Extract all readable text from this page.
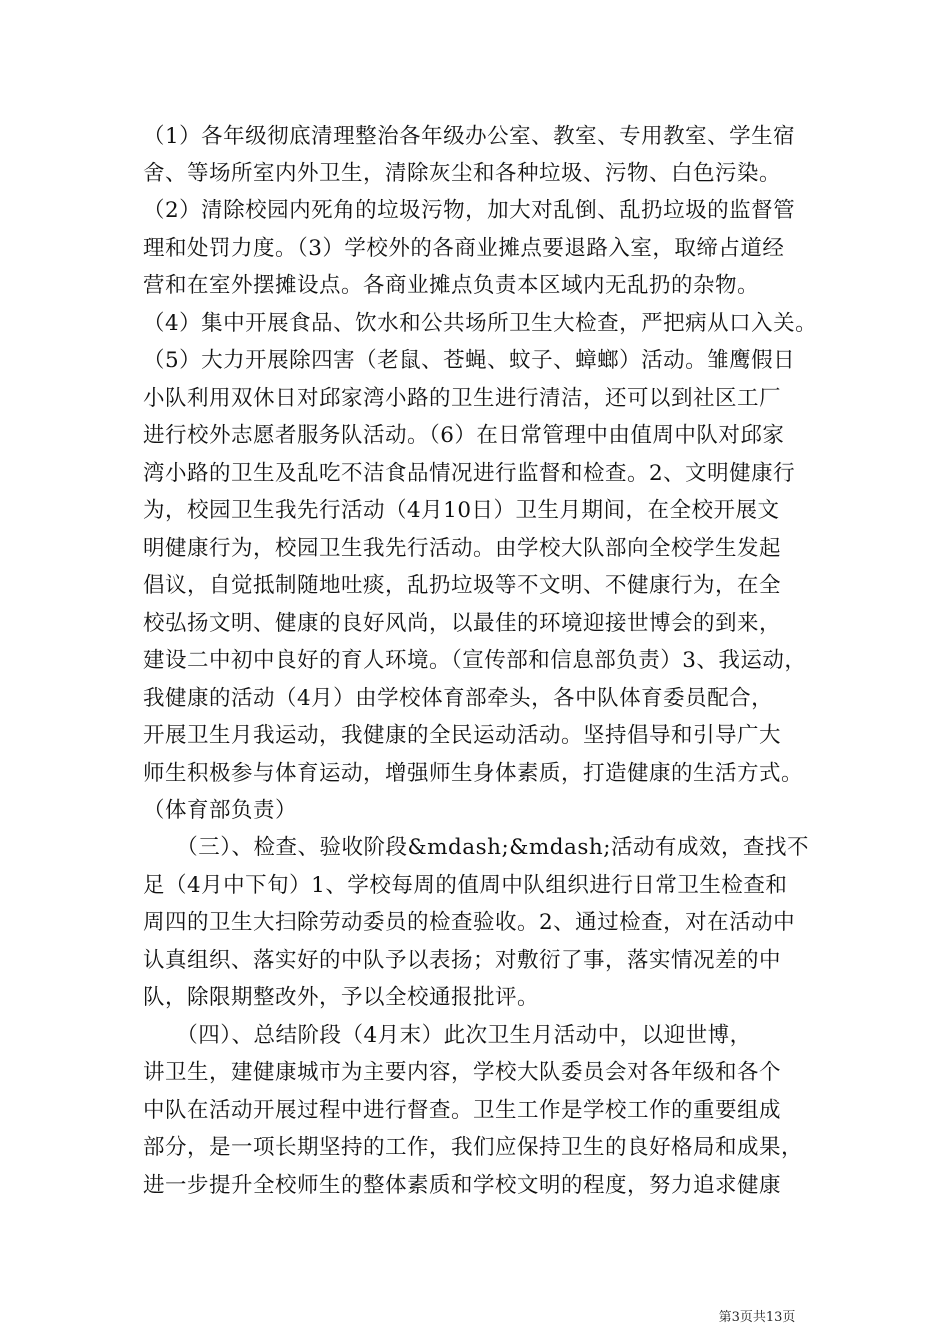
（1）各年级彻底清理整治各年级办公室、教室、专用教室、学生宿
舍、等场所室内外卫生，清除灰尘和各种垃圾、污物、白色污染。
（2）清除校园内死角的垃圾污物，加大对乱倒、乱扔垃圾的监督管
理和处罚力度。（3）学校外的各商业摊点要退路入室，取缔占道经
营和在室外摆摊设点。各商业摊点负责本区域内无乱扔的杂物。
（4）集中开展食品、饮水和公共场所卫生大检查，严把病从口入关。
（5）大力开展除四害（老鼠、苍蝇、蚊子、蟑螂）活动。雏鹰假日
小队利用双休日对邱家湾小路的卫生进行清洁，还可以到社区工厂
进行校外志愿者服务队活动。（6）在日常管理中由值周中队对邱家
湾小路的卫生及乱吃不洁食品情况进行监督和检查。2、文明健康行
为，校园卫生我先行活动（4月10日）卫生月期间，在全校开展文
明健康行为，校园卫生我先行活动。由学校大队部向全校学生发起
倡议，自觉抵制随地吐痰，乱扔垃圾等不文明、不健康行为，在全
校弘扬文明、健康的良好风尚，以最佳的环境迎接世博会的到来，
建设二中初中良好的育人环境。（宣传部和信息部负责）3、我运动，
我健康的活动（4月）由学校体育部牵头，各中队体育委员配合，
开展卫生月我运动，我健康的全民运动活动。坚持倡导和引导广大
师生积极参与体育运动，增强师生身体素质，打造健康的生活方式。
（体育部负责）
　　（三）、检查、验收阶段&mdash;&mdash;活动有成效，查找不
足（4月中下旬）1、学校每周的值周中队组织进行日常卫生检查和
周四的卫生大扫除劳动委员的检查验收。2、通过检查，对在活动中
认真组织、落实好的中队予以表扬；对敷衍了事，落实情况差的中
队，除限期整改外，予以全校通报批评。
　　（四）、总结阶段（4月末）此次卫生月活动中，以迎世博，
讲卫生，建健康城市为主要内容，学校大队委员会对各年级和各个
中队在活动开展过程中进行督查。卫生工作是学校工作的重要组成
部分，是一项长期坚持的工作，我们应保持卫生的良好格局和成果，
进一步提升全校师生的整体素质和学校文明的程度，努力追求健康
第3页共13页
